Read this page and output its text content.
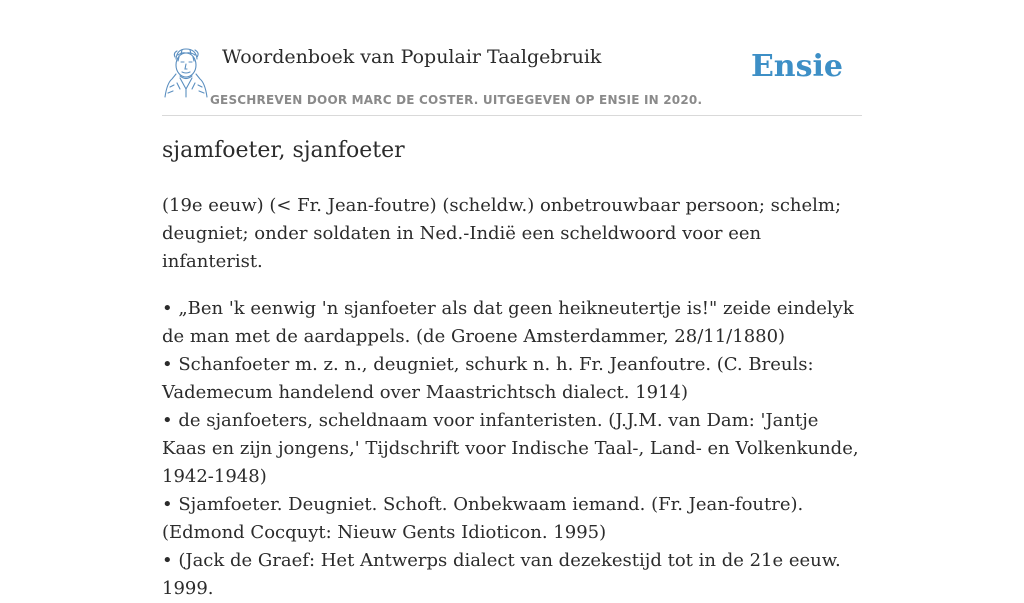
Woordenboek van Populair Taalgebruik
GESCHREVEN DOOR MARC DE COSTER. UITGEGEVEN OP ENSIE IN 2020.
Ensie
sjamfoeter, sjanfoeter

(19e eeuw) (< Fr. Jean-foutre) (scheldw.) onbetrouwbaar persoon; schelm; deugniet; onder soldaten in Ned.-Indië een scheldwoord voor een infanterist.

• „Ben 'k eenwig 'n sjanfoeter als dat geen heikneutertje is!" zeide eindelyk de man met de aardappels. (de Groene Amsterdammer, 28/11/1880)

• Schanfoeter m. z. n., deugniet, schurk n. h. Fr. Jeanfoutre. (C. Breuls: Vademecum handelend over Maastrichtsch dialect. 1914)

• de sjanfoeters, scheldnaam voor infanteristen. (J.J.M. van Dam: 'Jantje Kaas en zijn jongens,' Tijdschrift voor Indische Taal-, Land- en Volkenkunde, 1942-1948)

• Sjamfoeter. Deugniet. Schoft. Onbekwaam iemand. (Fr. Jean-foutre). (Edmond Cocquyt: Nieuw Gents Idioticon. 1995)

• (Jack de Graef: Het Antwerps dialect van dezekestijd tot in de 21e eeuw. 1999.
